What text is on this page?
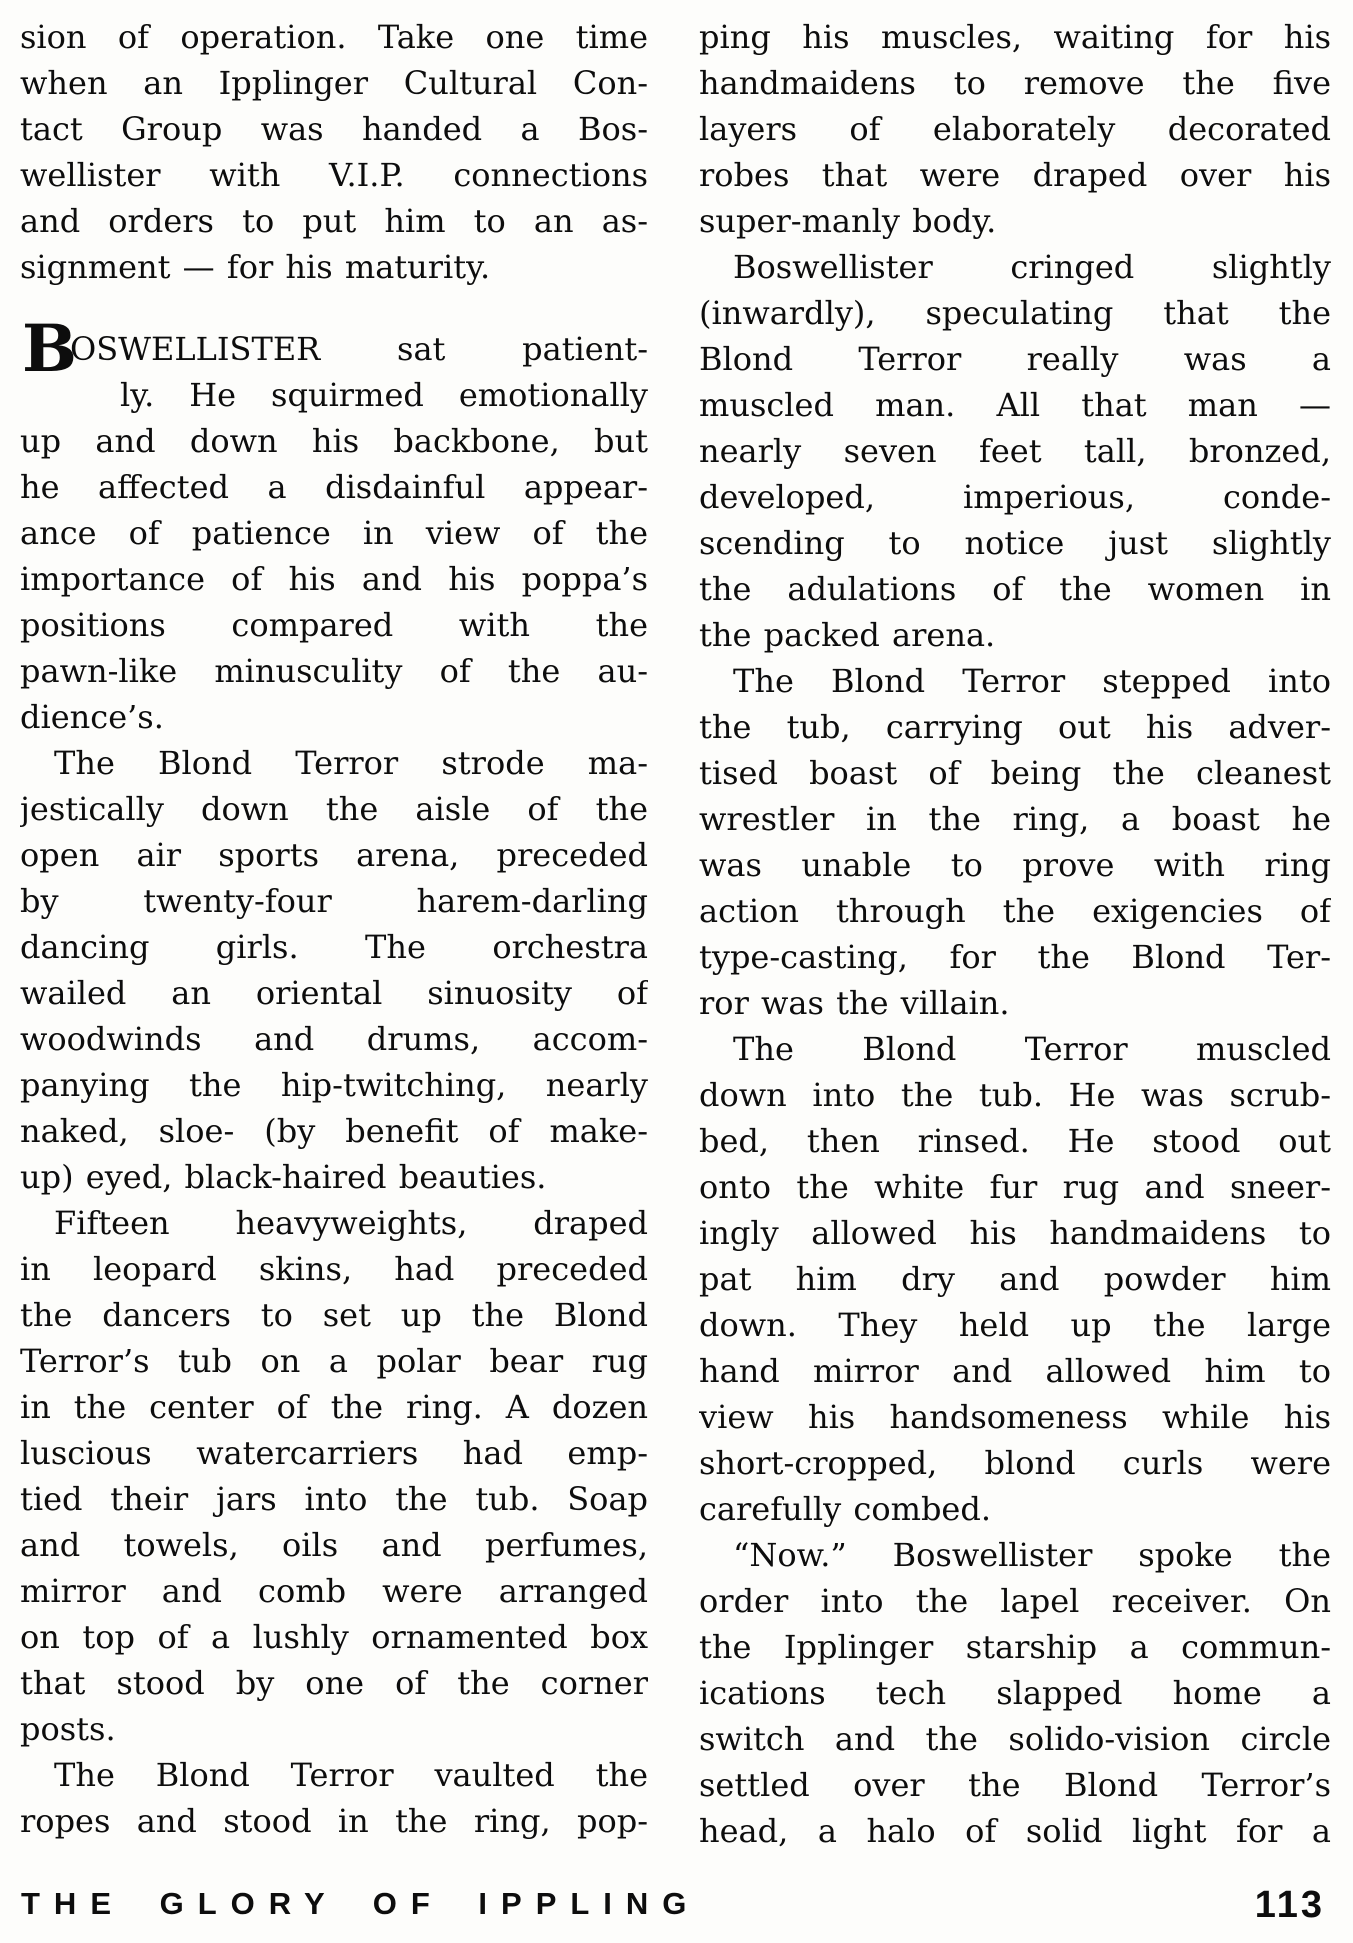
sion of operation. Take one time
when an Ipplinger Cultural Con-
tact Group was handed a Bos-
wellister with V.I.P. connections
and orders to put him to an as-
signment — for his maturity.
B
OSWELLISTER sat patient-
ly. He squirmed emotionally
up and down his backbone, but
he affected a disdainful appear-
ance of patience in view of the
importance of his and his poppa’s
positions compared with the
pawn-like minusculity of the au-
dience’s.
The Blond Terror strode ma-
jestically down the aisle of the
open air sports arena, preceded
by twenty-four harem-darling
dancing girls. The orchestra
wailed an oriental sinuosity of
woodwinds and drums, accom-
panying the hip-twitching, nearly
naked, sloe- (by benefit of make-
up) eyed, black-haired beauties.
Fifteen heavyweights, draped
in leopard skins, had preceded
the dancers to set up the Blond
Terror’s tub on a polar bear rug
in the center of the ring. A dozen
luscious watercarriers had emp-
tied their jars into the tub. Soap
and towels, oils and perfumes,
mirror and comb were arranged
on top of a lushly ornamented box
that stood by one of the corner
posts.
The Blond Terror vaulted the
ropes and stood in the ring, pop-
ping his muscles, waiting for his
handmaidens to remove the five
layers of elaborately decorated
robes that were draped over his
super-manly body.
Boswellister cringed slightly
(inwardly), speculating that the
Blond Terror really was a
muscled man. All that man —
nearly seven feet tall, bronzed,
developed, imperious, conde-
scending to notice just slightly
the adulations of the women in
the packed arena.
The Blond Terror stepped into
the tub, carrying out his adver-
tised boast of being the cleanest
wrestler in the ring, a boast he
was unable to prove with ring
action through the exigencies of
type-casting, for the Blond Ter-
ror was the villain.
The Blond Terror muscled
down into the tub. He was scrub-
bed, then rinsed. He stood out
onto the white fur rug and sneer-
ingly allowed his handmaidens to
pat him dry and powder him
down. They held up the large
hand mirror and allowed him to
view his handsomeness while his
short-cropped, blond curls were
carefully combed.
“Now.” Boswellister spoke the
order into the lapel receiver. On
the Ipplinger starship a commun-
ications tech slapped home a
switch and the solido-vision circle
settled over the Blond Terror’s
head, a halo of solid light for a
THE GLORY OF IPPLING	113
